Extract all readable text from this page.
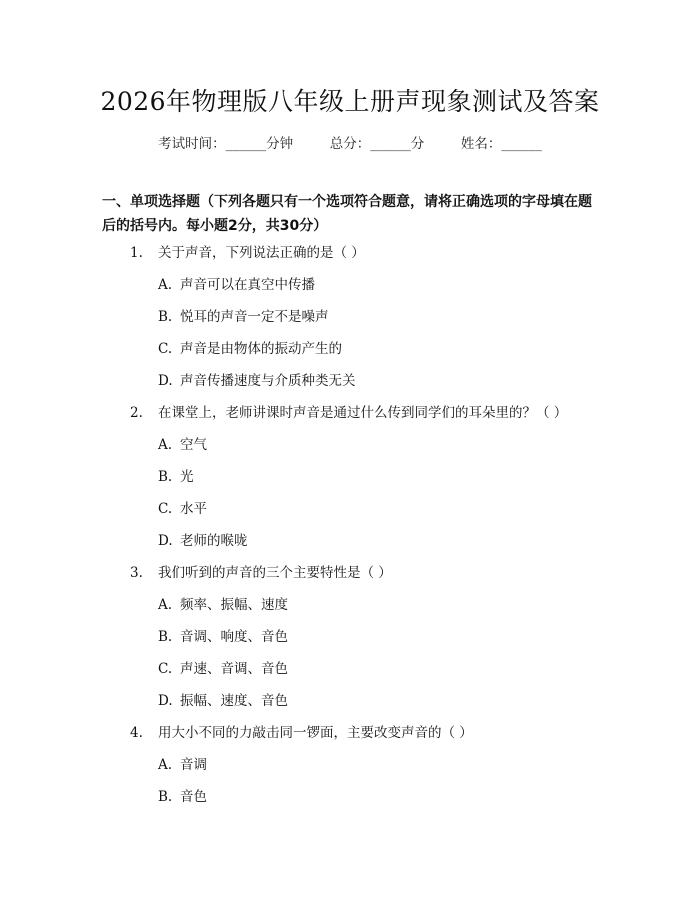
2026年物理版八年级上册声现象测试及答案
考试时间：______分钟	总分：______分	姓名：______
一、单项选择题（下列各题只有一个选项符合题意，请将正确选项的字母填在题后的括号内。每小题2分，共30分）
1. 关于声音，下列说法正确的是（ ）
A. 声音可以在真空中传播
B. 悦耳的声音一定不是噪声
C. 声音是由物体的振动产生的
D. 声音传播速度与介质种类无关
2. 在课堂上，老师讲课时声音是通过什么传到同学们的耳朵里的？（ ）
A. 空气
B. 光
C. 水平
D. 老师的喉咙
3. 我们听到的声音的三个主要特性是（ ）
A. 频率、振幅、速度
B. 音调、响度、音色
C. 声速、音调、音色
D. 振幅、速度、音色
4. 用大小不同的力敲击同一锣面，主要改变声音的（ ）
A. 音调
B. 音色
